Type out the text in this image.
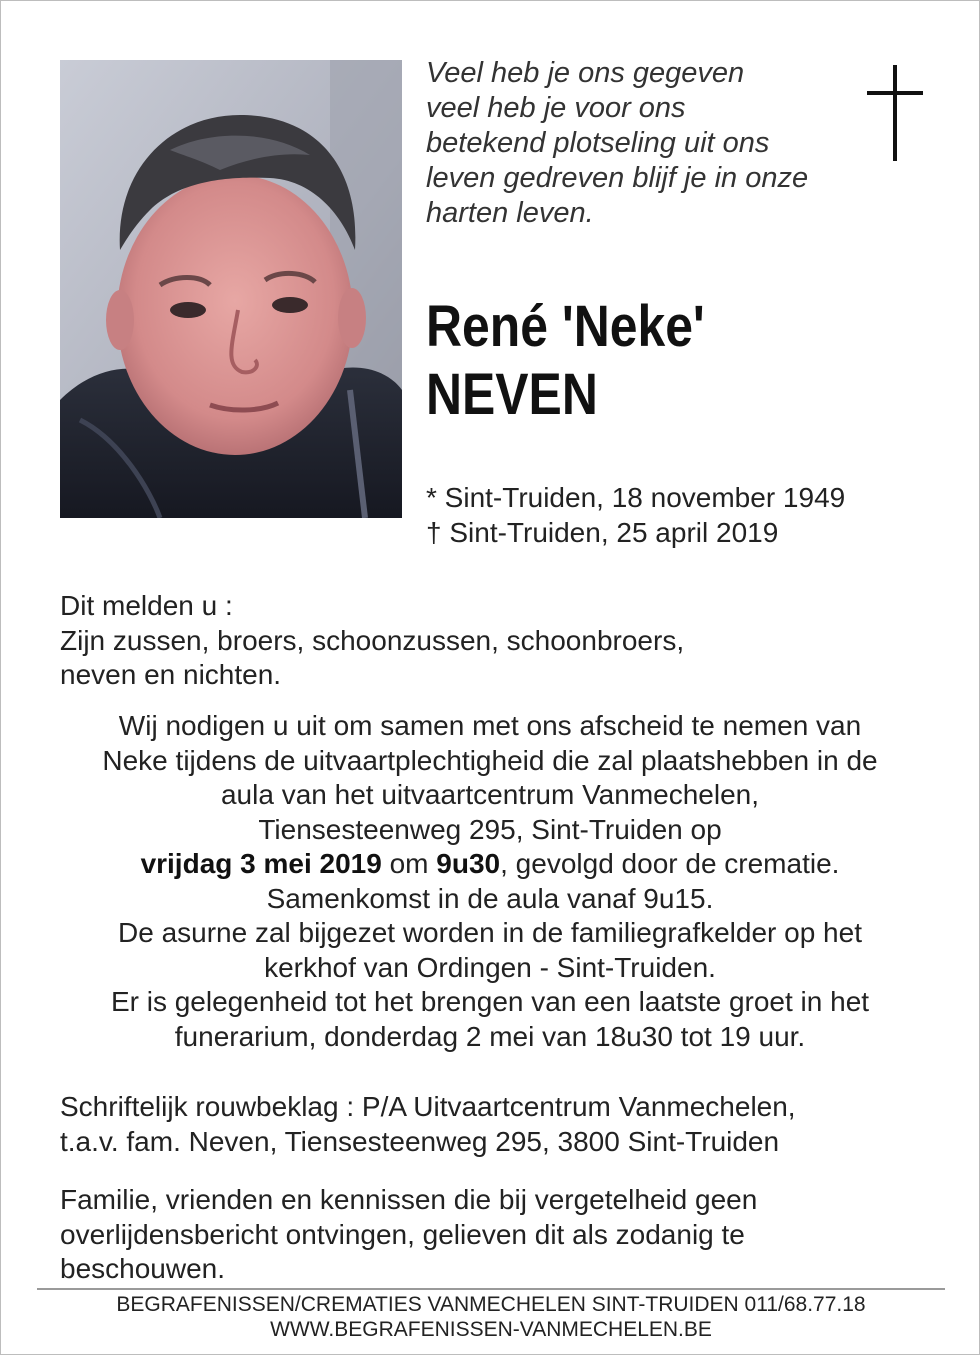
Veel heb je ons gegeven
veel heb je voor ons
betekend plotseling uit ons
leven gedreven blijf je in onze
harten leven.
René 'Neke'
NEVEN
* Sint-Truiden, 18 november 1949
† Sint-Truiden, 25 april 2019
Dit melden u :
Zijn zussen, broers, schoonzussen, schoonbroers,
neven en nichten.
Wij nodigen u uit om samen met ons afscheid te nemen van
Neke tijdens de uitvaartplechtigheid die zal plaatshebben in de
aula van het uitvaartcentrum Vanmechelen,
Tiensesteenweg 295, Sint-Truiden op
vrijdag 3 mei 2019 om 9u30, gevolgd door de crematie.
Samenkomst in de aula vanaf 9u15.
De asurne zal bijgezet worden in de familiegrafkelder op het
kerkhof van Ordingen - Sint-Truiden.
Er is gelegenheid tot het brengen van een laatste groet in het
funerarium, donderdag 2 mei van 18u30 tot 19 uur.
Schriftelijk rouwbeklag : P/A Uitvaartcentrum Vanmechelen,
t.a.v. fam. Neven, Tiensesteenweg 295, 3800 Sint-Truiden
Familie, vrienden en kennissen die bij vergetelheid geen
overlijdensbericht ontvingen, gelieven dit als zodanig te
beschouwen.
BEGRAFENISSEN/CREMATIES VANMECHELEN SINT-TRUIDEN 011/68.77.18
WWW.BEGRAFENISSEN-VANMECHELEN.BE
